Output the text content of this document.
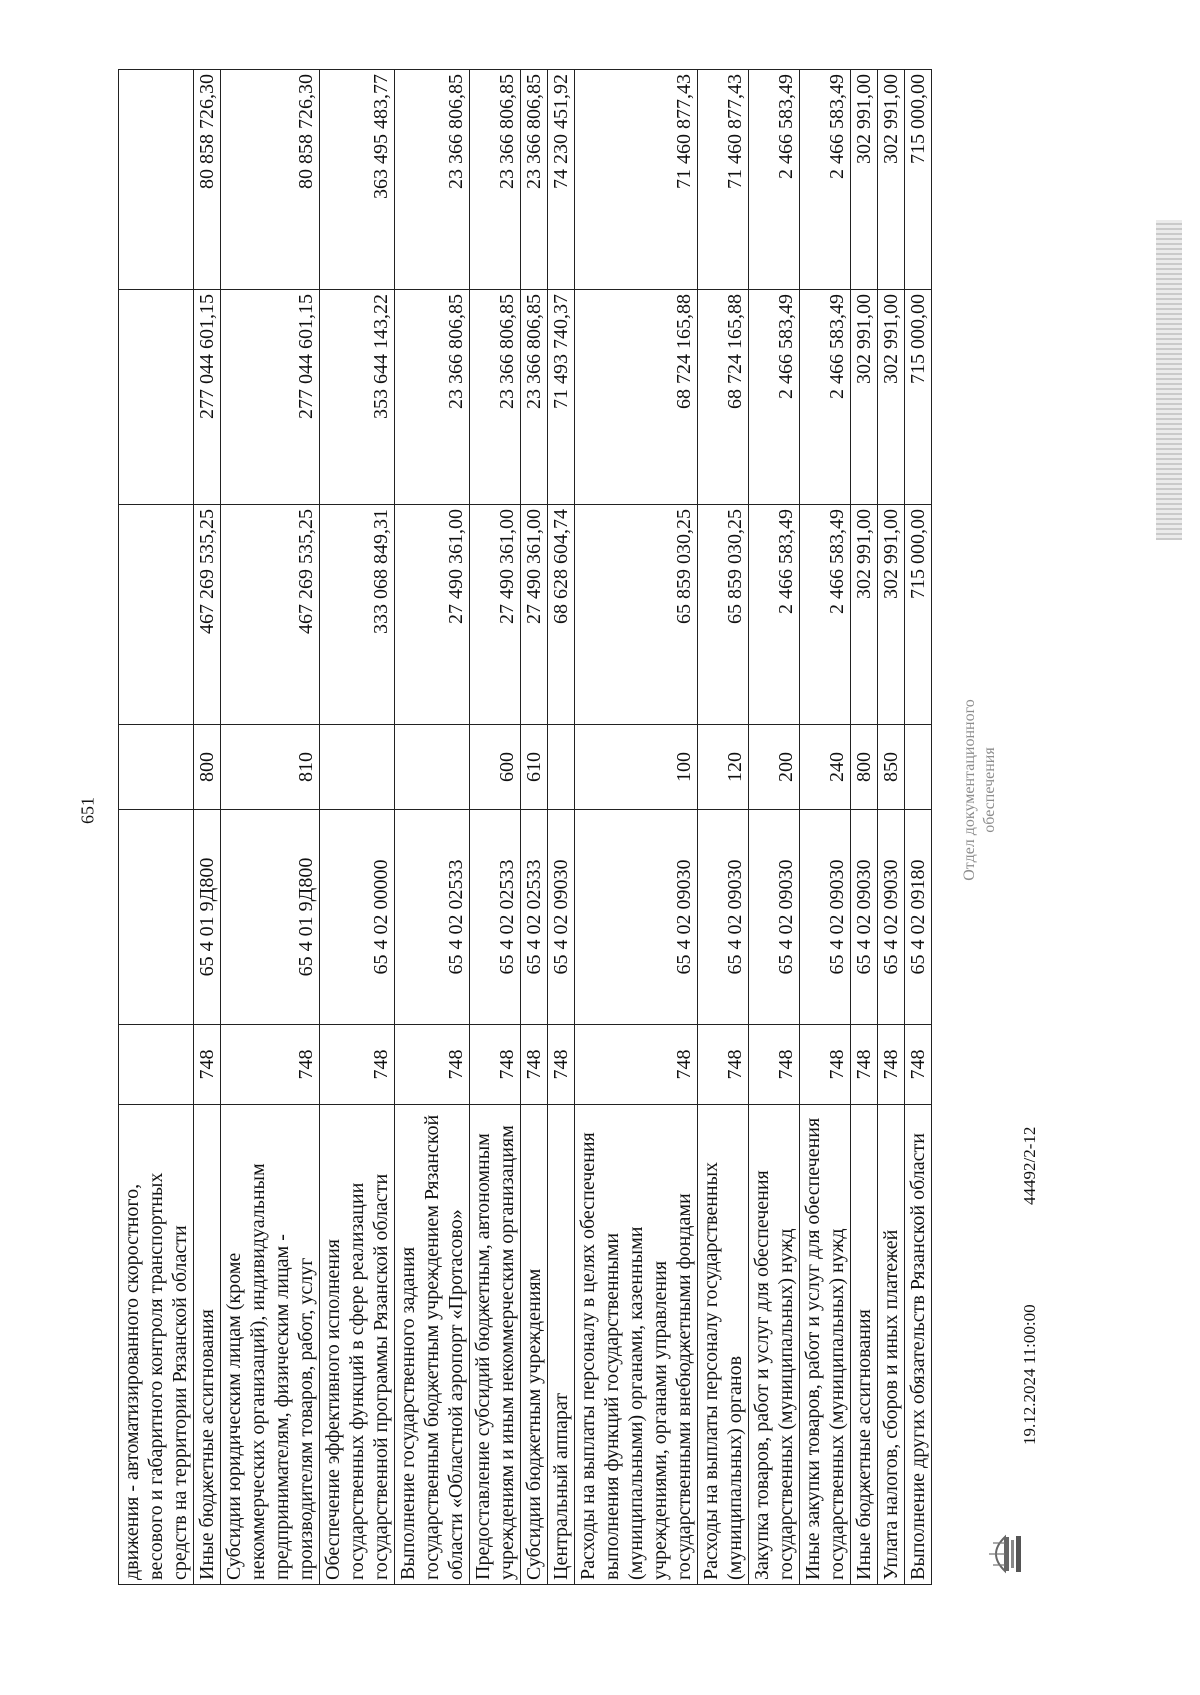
651
движения - автоматизированного скоростного, весового и габаритного контроля транспортных средств на территории Рязанской области						
Иные бюджетные ассигнования	748	65 4 01 9Д800	800	467 269 535,25	277 044 601,15	80 858 726,30
Субсидии юридическим лицам (кроме некоммерческих организаций), индивидуальным предпринимателям, физическим лицам - производителям товаров, работ, услуг	748	65 4 01 9Д800	810	467 269 535,25	277 044 601,15	80 858 726,30
Обеспечение эффективного исполнения государственных функций в сфере реализации государственной программы Рязанской области	748	65 4 02 00000		333 068 849,31	353 644 143,22	363 495 483,77
Выполнение государственного задания государственным бюджетным учреждением Рязанской области «Областной аэропорт «Протасово»	748	65 4 02 02533		27 490 361,00	23 366 806,85	23 366 806,85
Предоставление субсидий бюджетным, автономным учреждениям и иным некоммерческим организациям	748	65 4 02 02533	600	27 490 361,00	23 366 806,85	23 366 806,85
Субсидии бюджетным учреждениям	748	65 4 02 02533	610	27 490 361,00	23 366 806,85	23 366 806,85
Центральный аппарат	748	65 4 02 09030		68 628 604,74	71 493 740,37	74 230 451,92
Расходы на выплаты персоналу в целях обеспечения выполнения функций государственными (муниципальными) органами, казенными учреждениями, органами управления государственными внебюджетными фондами	748	65 4 02 09030	100	65 859 030,25	68 724 165,88	71 460 877,43
Расходы на выплаты персоналу государственных (муниципальных) органов	748	65 4 02 09030	120	65 859 030,25	68 724 165,88	71 460 877,43
Закупка товаров, работ и услуг для обеспечения государственных (муниципальных) нужд	748	65 4 02 09030	200	2 466 583,49	2 466 583,49	2 466 583,49
Иные закупки товаров, работ и услуг для обеспечения государственных (муниципальных) нужд	748	65 4 02 09030	240	2 466 583,49	2 466 583,49	2 466 583,49
Иные бюджетные ассигнования	748	65 4 02 09030	800	302 991,00	302 991,00	302 991,00
Уплата налогов, сборов и иных платежей	748	65 4 02 09030	850	302 991,00	302 991,00	302 991,00
Выполнение других обязательств Рязанской области	748	65 4 02 09180		715 000,00	715 000,00	715 000,00
19.12.2024 11:00:00
44492/2-12
Отдел документационного обеспечения
